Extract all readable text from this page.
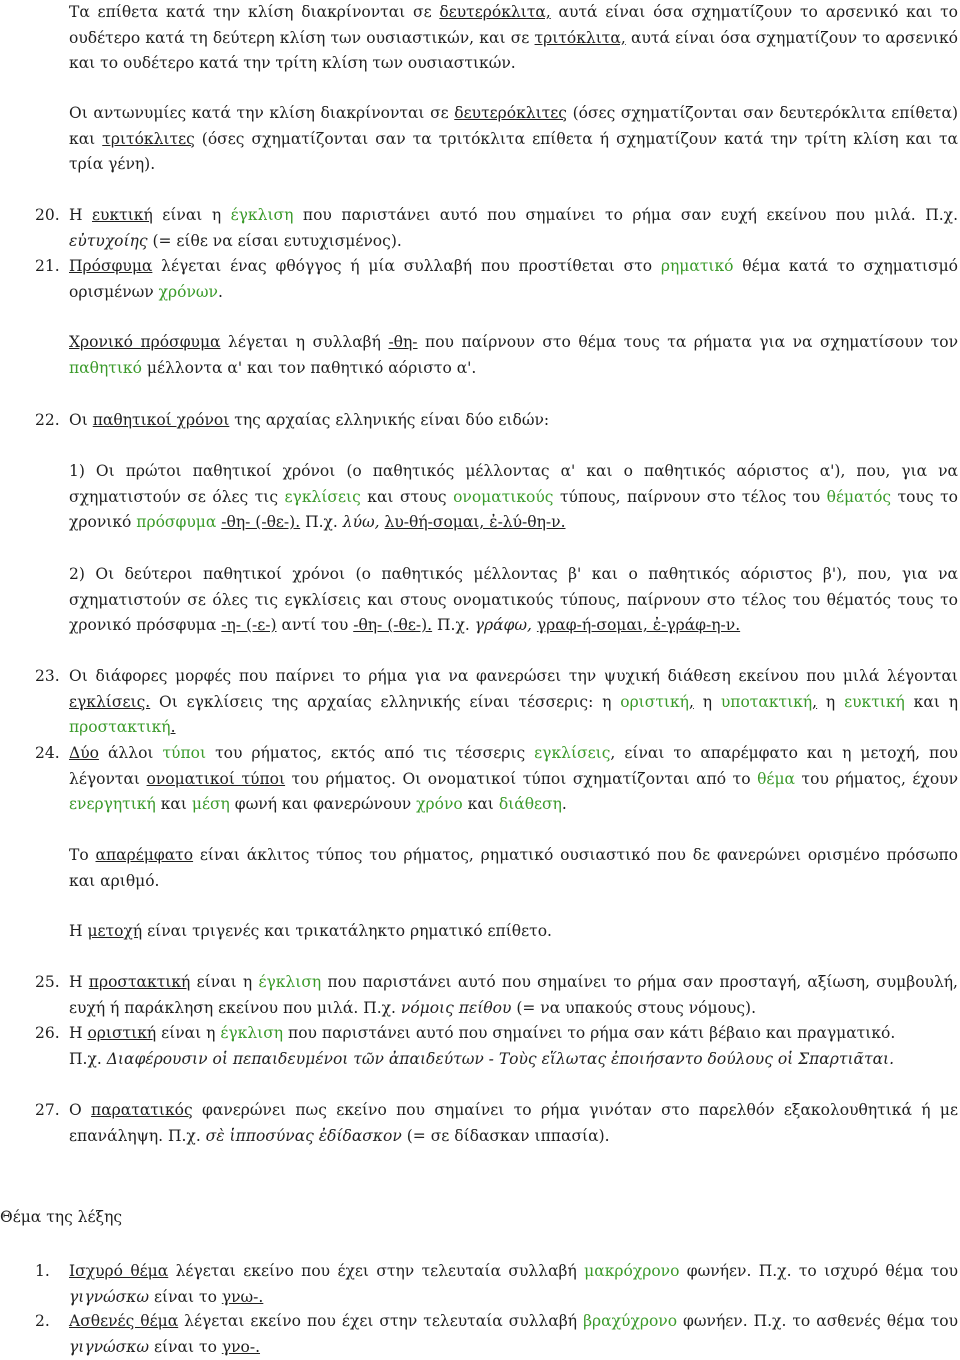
Τα επίθετα κατά την κλίση διακρίνονται σε δευτερόκλιτα, αυτά είναι όσα σχηματίζουν το αρσενικό και το ουδέτερο κατά τη δεύτερη κλίση των ουσιαστικών, και σε τριτόκλιτα, αυτά είναι όσα σχηματίζουν το αρσενικό και το ουδέτερο κατά την τρίτη κλίση των ουσιαστικών.

Οι αντωνυμίες κατά την κλίση διακρίνονται σε δευτερόκλιτες (όσες σχηματίζονται σαν δευτερόκλιτα επίθετα) και τριτόκλιτες (όσες σχηματίζονται σαν τα τριτόκλιτα επίθετα ή σχηματίζουν κατά την τρίτη κλίση και τα τρία γένη).

20. Η ευκτική είναι η έγκλιση που παριστάνει αυτό που σημαίνει το ρήμα σαν ευχή εκείνου που μιλά. Π.χ. εὐτυχοίης (= είθε να είσαι ευτυχισμένος).
21. Πρόσφυμα λέγεται ένας φθόγγος ή μία συλλαβή που προστίθεται στο ρηματικό θέμα κατά το σχηματισμό ορισμένων χρόνων.

Χρονικό πρόσφυμα λέγεται η συλλαβή -θη- που παίρνουν στο θέμα τους τα ρήματα για να σχηματίσουν τον παθητικό μέλλοντα α' και τον παθητικό αόριστο α'.

22. Οι παθητικοί χρόνοι της αρχαίας ελληνικής είναι δύο ειδών:

1) Οι πρώτοι παθητικοί χρόνοι (ο παθητικός μέλλοντας α' και ο παθητικός αόριστος α'), που, για να σχηματιστούν σε όλες τις εγκλίσεις και στους ονοματικούς τύπους, παίρνουν στο τέλος του θέματός τους το χρονικό πρόσφυμα -θη- (-θε-). Π.χ. λύω, λυ-θή-σομαι, ἐ-λύ-θη-ν.

2) Οι δεύτεροι παθητικοί χρόνοι (ο παθητικός μέλλοντας β' και ο παθητικός αόριστος β'), που, για να σχηματιστούν σε όλες τις εγκλίσεις και στους ονοματικούς τύπους, παίρνουν στο τέλος του θέματός τους το χρονικό πρόσφυμα -η- (-ε-) αντί του -θη- (-θε-). Π.χ. γράφω, γραφ-ή-σομαι, ἐ-γράφ-η-ν.

23. Οι διάφορες μορφές που παίρνει το ρήμα για να φανερώσει την ψυχική διάθεση εκείνου που μιλά λέγονται εγκλίσεις. Οι εγκλίσεις της αρχαίας ελληνικής είναι τέσσερις: η οριστική, η υποτακτική, η ευκτική και η προστακτική.
24. Δύο άλλοι τύποι του ρήματος, εκτός από τις τέσσερις εγκλίσεις, είναι το απαρέμφατο και η μετοχή, που λέγονται ονοματικοί τύποι του ρήματος. Οι ονοματικοί τύποι σχηματίζονται από το θέμα του ρήματος, έχουν ενεργητική και μέση φωνή και φανερώνουν χρόνο και διάθεση.

Το απαρέμφατο είναι άκλιτος τύπος του ρήματος, ρηματικό ουσιαστικό που δε φανερώνει ορισμένο πρόσωπο και αριθμό.

Η μετοχή είναι τριγενές και τρικατάληκτο ρηματικό επίθετο.

25. Η προστακτική είναι η έγκλιση που παριστάνει αυτό που σημαίνει το ρήμα σαν προσταγή, αξίωση, συμβουλή, ευχή ή παράκληση εκείνου που μιλά. Π.χ. νόμοις πείθου (= να υπακούς στους νόμους).
26. Η οριστική είναι η έγκλιση που παριστάνει αυτό που σημαίνει το ρήμα σαν κάτι βέβαιο και πραγματικό.
Π.χ. Διαφέρουσιν οἱ πεπαιδευμένοι τῶν ἀπαιδεύτων - Τοὺς εἵλωτας ἐποιήσαντο δούλους οἱ Σπαρτιᾶται.
27. Ο παρατατικός φανερώνει πως εκείνο που σημαίνει το ρήμα γινόταν στο παρελθόν εξακολουθητικά ή με επανάληψη. Π.χ. σὲ ἱπποσύνας ἐδίδασκον (= σε δίδασκαν ιππασία).

Θέμα της λέξης

1. Ισχυρό θέμα λέγεται εκείνο που έχει στην τελευταία συλλαβή μακρόχρονο φωνήεν. Π.χ. το ισχυρό θέμα του γιγνώσκω είναι το γνω-.
2. Ασθενές θέμα λέγεται εκείνο που έχει στην τελευταία συλλαβή βραχύχρονο φωνήεν. Π.χ. το ασθενές θέμα του γιγνώσκω είναι το γνο-.
